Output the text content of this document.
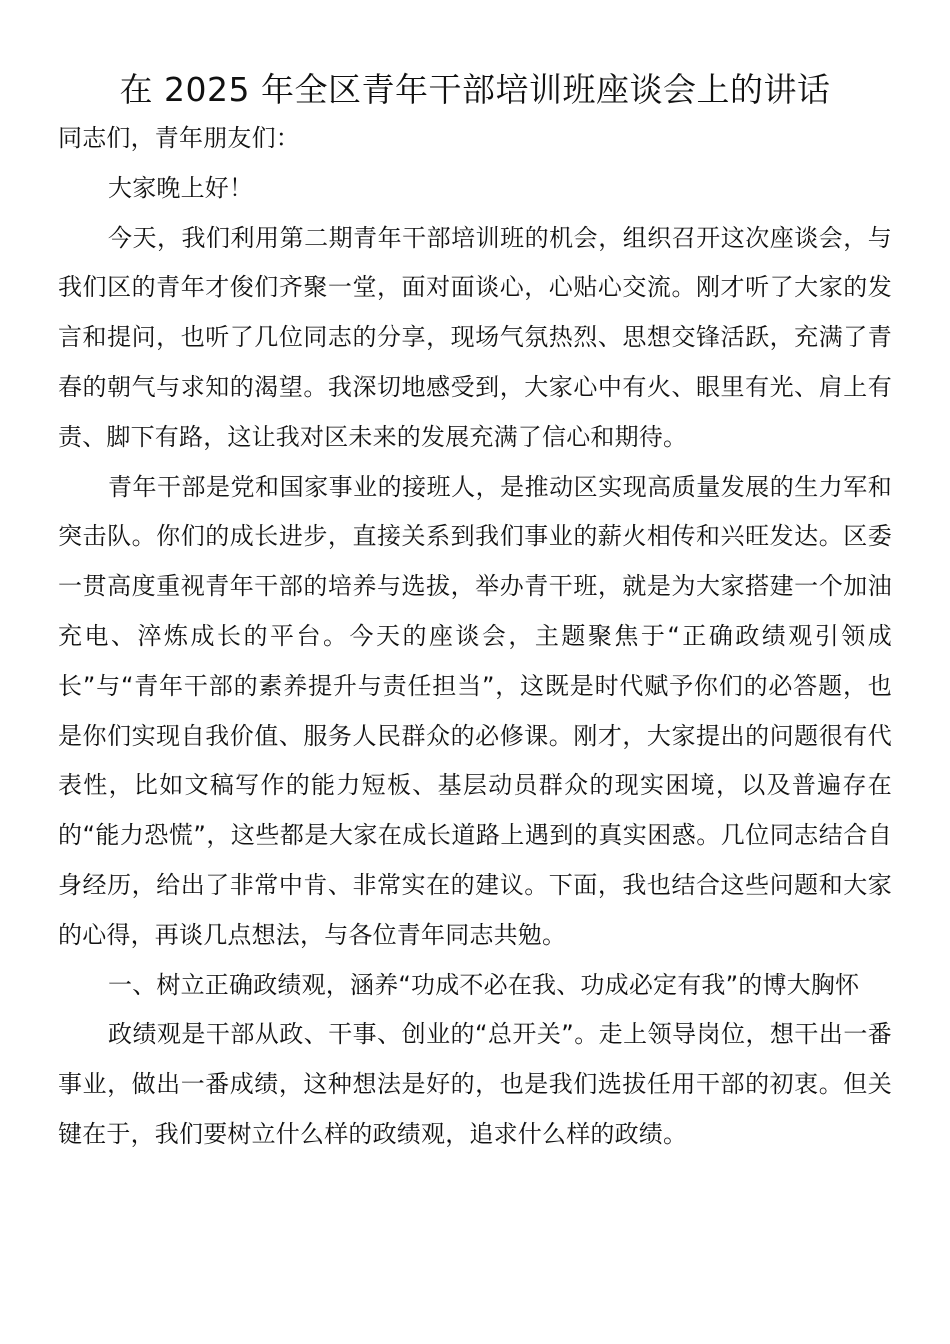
在 2025 年全区青年干部培训班座谈会上的讲话

同志们，青年朋友们：

大家晚上好！

今天，我们利用第二期青年干部培训班的机会，组织召开这次座谈会，与我们区的青年才俊们齐聚一堂，面对面谈心，心贴心交流。刚才听了大家的发言和提问，也听了几位同志的分享，现场气氛热烈、思想交锋活跃，充满了青春的朝气与求知的渴望。我深切地感受到，大家心中有火、眼里有光、肩上有责、脚下有路，这让我对区未来的发展充满了信心和期待。

青年干部是党和国家事业的接班人，是推动区实现高质量发展的生力军和突击队。你们的成长进步，直接关系到我们事业的薪火相传和兴旺发达。区委一贯高度重视青年干部的培养与选拔，举办青干班，就是为大家搭建一个加油充电、淬炼成长的平台。今天的座谈会，主题聚焦于“正确政绩观引领成长”与“青年干部的素养提升与责任担当”，这既是时代赋予你们的必答题，也是你们实现自我价值、服务人民群众的必修课。刚才，大家提出的问题很有代表性，比如文稿写作的能力短板、基层动员群众的现实困境，以及普遍存在的“能力恐慌”，这些都是大家在成长道路上遇到的真实困惑。几位同志结合自身经历，给出了非常中肯、非常实在的建议。下面，我也结合这些问题和大家的心得，再谈几点想法，与各位青年同志共勉。

一、树立正确政绩观，涵养“功成不必在我、功成必定有我”的博大胸怀

政绩观是干部从政、干事、创业的“总开关”。走上领导岗位，想干出一番事业，做出一番成绩，这种想法是好的，也是我们选拔任用干部的初衷。但关键在于，我们要树立什么样的政绩观，追求什么样的政绩。
